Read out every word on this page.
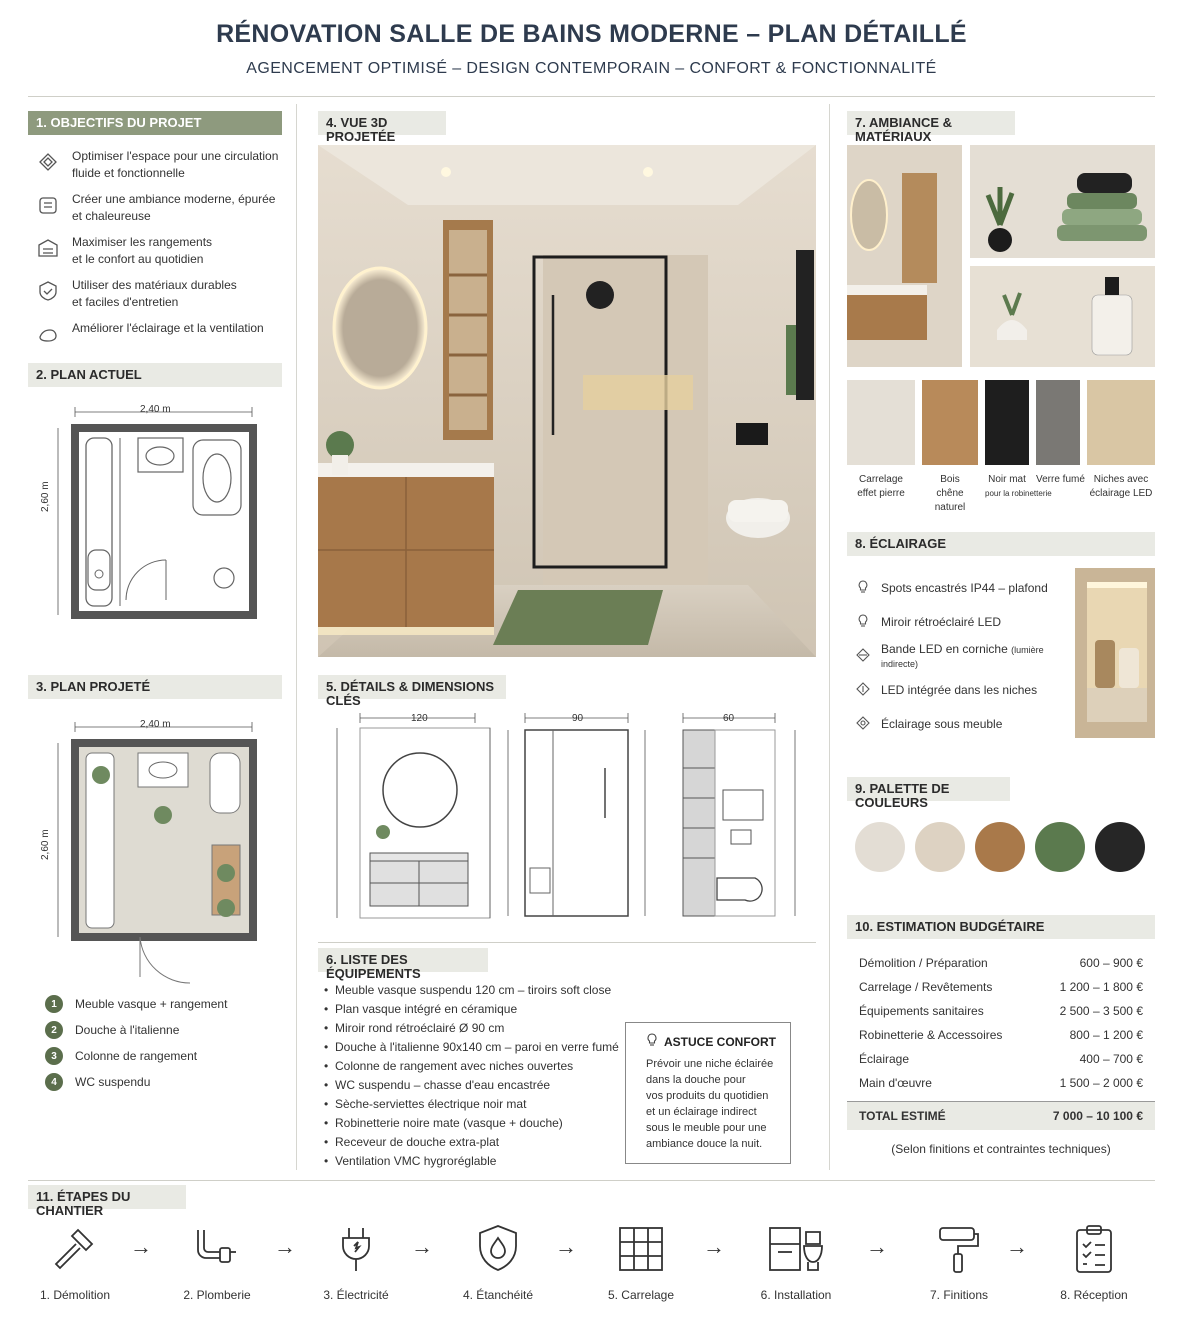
RÉNOVATION SALLE DE BAINS MODERNE – PLAN DÉTAILLÉ
AGENCEMENT OPTIMISÉ – DESIGN CONTEMPORAIN – CONFORT & FONCTIONNALITÉ
1. OBJECTIFS DU PROJET
Optimiser l'espace pour une circulation
fluide et fonctionnelle
Créer une ambiance moderne, épurée
et chaleureuse
Maximiser les rangements
et le confort au quotidien
Utiliser des matériaux durables
et faciles d'entretien
Améliorer l'éclairage et la ventilation
2. PLAN ACTUEL
2,40 m
2,60 m
3. PLAN PROJETÉ
2,40 m
2,60 m
1	Meuble vasque + rangement
2	Douche à l'italienne
3	Colonne de rangement
4	WC suspendu
4. VUE 3D PROJETÉE
5. DÉTAILS & DIMENSIONS CLÉS
120	90	60
6. LISTE DES ÉQUIPEMENTS
• Meuble vasque suspendu 120 cm – tiroirs soft close
• Plan vasque intégré en céramique
• Miroir rond rétroéclairé Ø 90 cm
• Douche à l'italienne 90x140 cm – paroi en verre fumé
• Colonne de rangement avec niches ouvertes
• WC suspendu – chasse d'eau encastrée
• Sèche-serviettes électrique noir mat
• Robinetterie noire mate (vasque + douche)
• Receveur de douche extra-plat
• Ventilation VMC hygroréglable
ASTUCE CONFORT
Prévoir une niche éclairée
dans la douche pour
vos produits du quotidien
et un éclairage indirect
sous le meuble pour une
ambiance douce la nuit.
7. AMBIANCE & MATÉRIAUX
Carrelage
effet pierre
Bois
chêne naturel
Noir mat
pour la robinetterie
Verre fumé Niches avec
éclairage LED
8. ÉCLAIRAGE
Spots encastrés IP44 – plafond
Miroir rétroéclairé LED
Bande LED en corniche (lumière indirecte)
LED intégrée dans les niches
Éclairage sous meuble
9. PALETTE DE COULEURS
10. ESTIMATION BUDGÉTAIRE
Démolition / Préparation	600 – 900 €
Carrelage / Revêtements	1 200 – 1 800 €
Équipements sanitaires	2 500 – 3 500 €
Robinetterie & Accessoires	800 – 1 200 €
Éclairage	400 – 700 €
Main d'œuvre	1 500 – 2 000 €
TOTAL ESTIMÉ	7 000 – 10 100 €
(Selon finitions et contraintes techniques)
11. ÉTAPES DU CHANTIER
1. Démolition
→
2. Plomberie
→
3. Électricité
→
4. Étanchéité
→
5. Carrelage
→
6. Installation
→
7. Finitions
→
8. Réception
